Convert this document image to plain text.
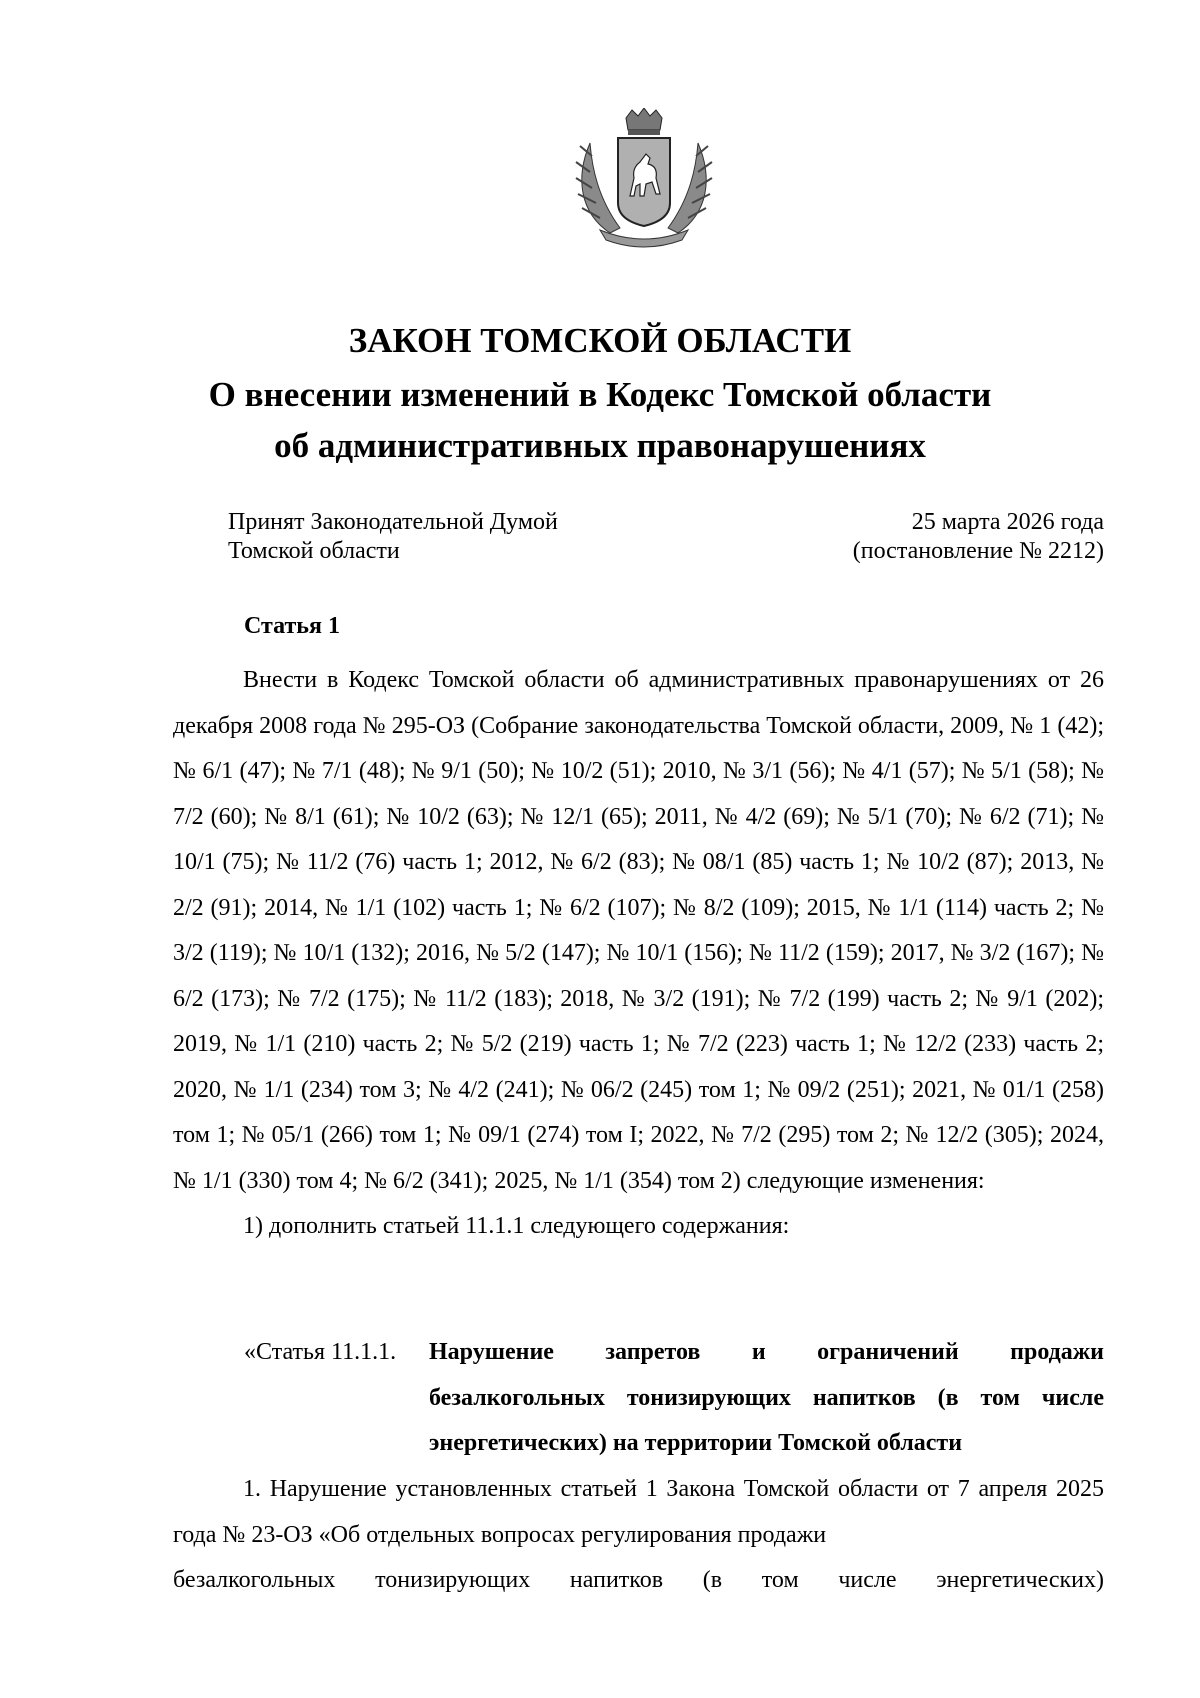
ЗАКОН ТОМСКОЙ ОБЛАСТИ
О внесении изменений в Кодекс Томской области
об административных правонарушениях
Принят Законодательной Думой
Томской области
25 марта 2026 года
(постановление № 2212)
Статья 1

Внести в Кодекс Томской области об административных правонарушениях от 26 декабря 2008 года № 295-ОЗ (Собрание законодательства Томской области, 2009, № 1 (42); № 6/1 (47); № 7/1 (48); № 9/1 (50); № 10/2 (51); 2010, № 3/1 (56); № 4/1 (57); № 5/1 (58); № 7/2 (60); № 8/1 (61); № 10/2 (63); № 12/1 (65); 2011, № 4/2 (69); № 5/1 (70); № 6/2 (71); № 10/1 (75); № 11/2 (76) часть 1; 2012, № 6/2 (83); № 08/1 (85) часть 1; № 10/2 (87); 2013, № 2/2 (91); 2014, № 1/1 (102) часть 1; № 6/2 (107); № 8/2 (109); 2015, № 1/1 (114) часть 2; № 3/2 (119); № 10/1 (132); 2016, № 5/2 (147); № 10/1 (156); № 11/2 (159); 2017, № 3/2 (167); № 6/2 (173); № 7/2 (175); № 11/2 (183); 2018, № 3/2 (191); № 7/2 (199) часть 2; № 9/1 (202); 2019, № 1/1 (210) часть 2; № 5/2 (219) часть 1; № 7/2 (223) часть 1; № 12/2 (233) часть 2; 2020, № 1/1 (234) том 3; № 4/2 (241); № 06/2 (245) том 1; № 09/2 (251); 2021, № 01/1 (258) том 1; № 05/1 (266) том 1; № 09/1 (274) том I; 2022, № 7/2 (295) том 2; № 12/2 (305); 2024, № 1/1 (330) том 4; № 6/2 (341); 2025, № 1/1 (354) том 2) следующие изменения:

1) дополнить статьей 11.1.1 следующего содержания:

«Статья 11.1.1. Нарушение запретов и ограничений продажи безалкогольных тонизирующих напитков (в том числе энергетических) на территории Томской области

1. Нарушение установленных статьей 1 Закона Томской области от 7 апреля 2025 года № 23-ОЗ «Об отдельных вопросах регулирования продажи

безалкогольных тонизирующих напитков (в том числе энергетических)
